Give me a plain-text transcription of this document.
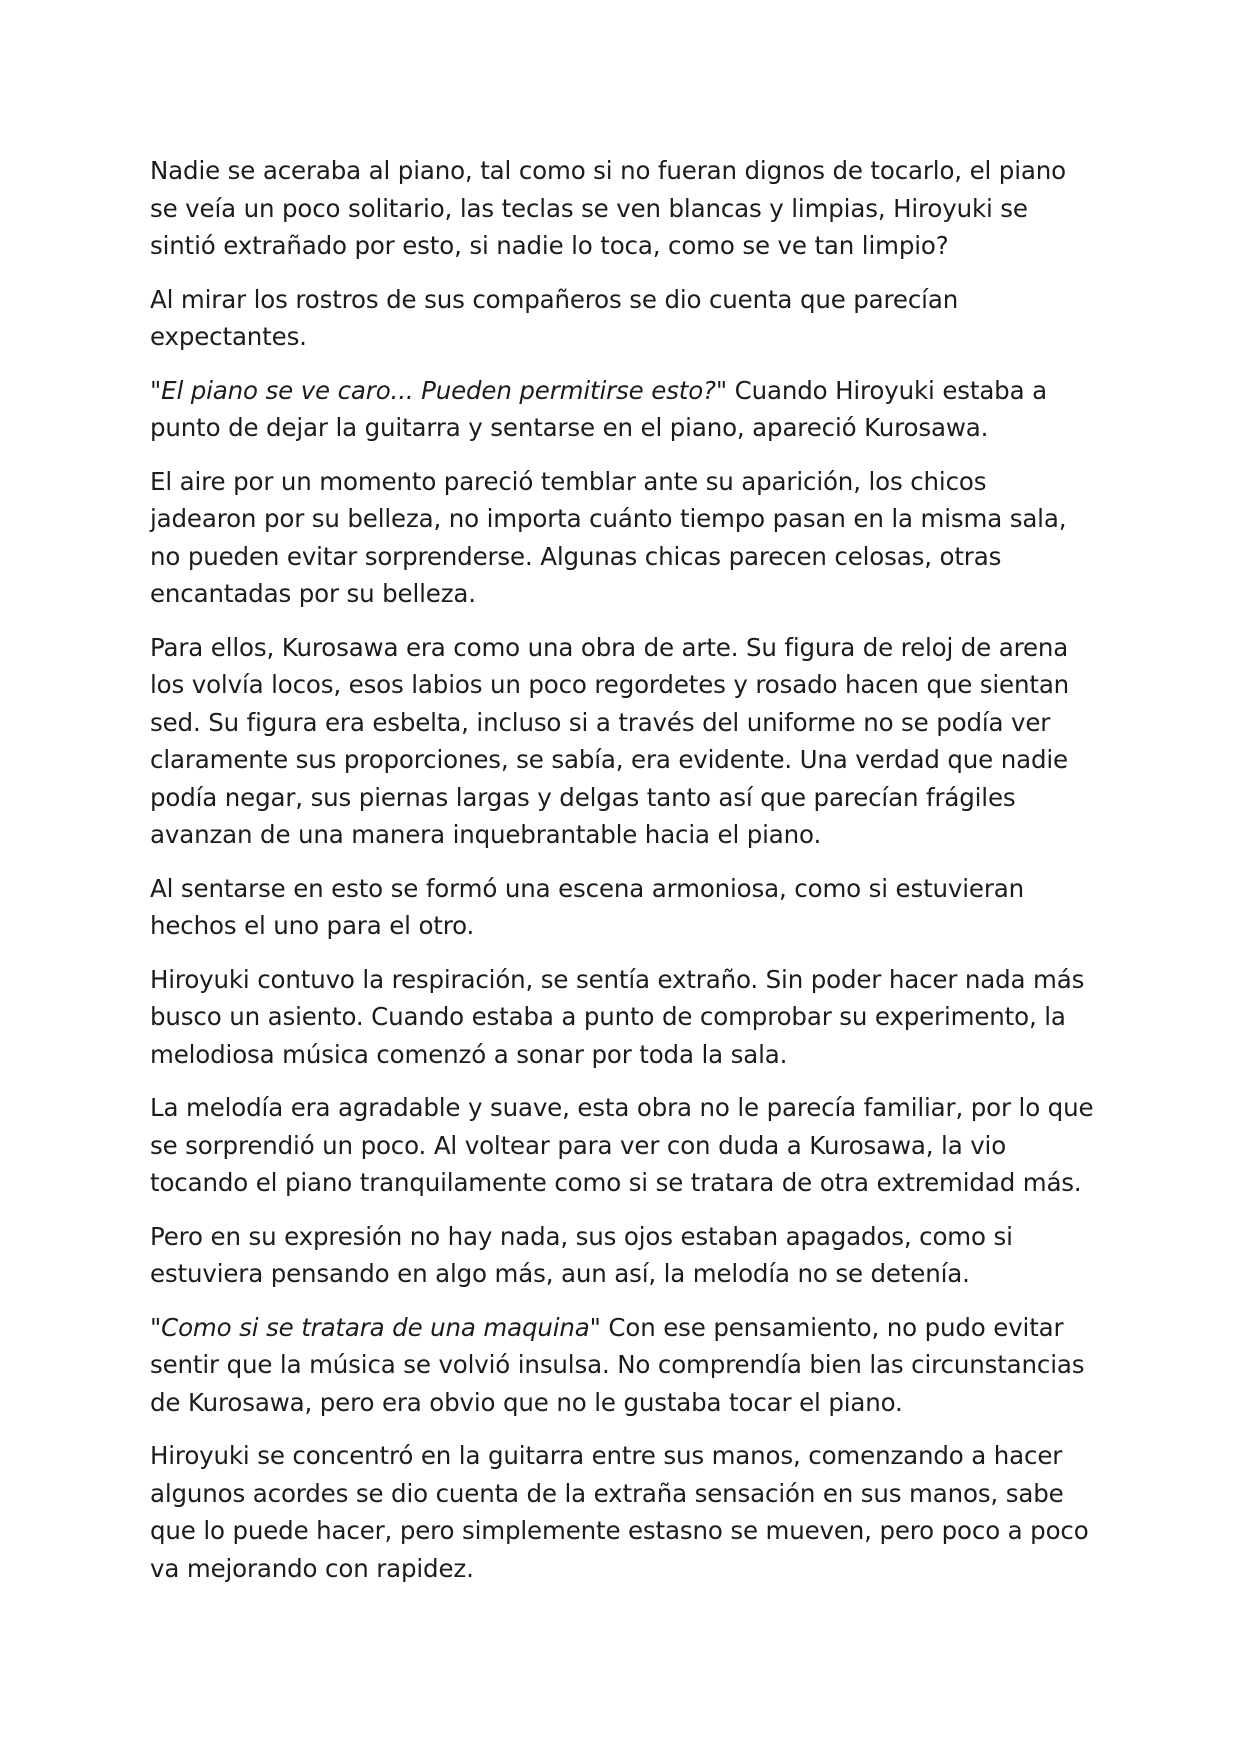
Nadie se aceraba al piano, tal como si no fueran dignos de tocarlo, el piano se veía un poco solitario, las teclas se ven blancas y limpias, Hiroyuki se sintió extrañado por esto, si nadie lo toca, como se ve tan limpio?

Al mirar los rostros de sus compañeros se dio cuenta que parecían expectantes.

"El piano se ve caro... Pueden permitirse esto?" Cuando Hiroyuki estaba a punto de dejar la guitarra y sentarse en el piano, apareció Kurosawa.

El aire por un momento pareció temblar ante su aparición, los chicos jadearon por su belleza, no importa cuánto tiempo pasan en la misma sala, no pueden evitar sorprenderse. Algunas chicas parecen celosas, otras encantadas por su belleza.

Para ellos, Kurosawa era como una obra de arte. Su figura de reloj de arena los volvía locos, esos labios un poco regordetes y rosado hacen que sientan sed. Su figura era esbelta, incluso si a través del uniforme no se podía ver claramente sus proporciones, se sabía, era evidente. Una verdad que nadie podía negar, sus piernas largas y delgas tanto así que parecían frágiles avanzan de una manera inquebrantable hacia el piano.

Al sentarse en esto se formó una escena armoniosa, como si estuvieran hechos el uno para el otro.

Hiroyuki contuvo la respiración, se sentía extraño. Sin poder hacer nada más busco un asiento. Cuando estaba a punto de comprobar su experimento, la melodiosa música comenzó a sonar por toda la sala.

La melodía era agradable y suave, esta obra no le parecía familiar, por lo que se sorprendió un poco. Al voltear para ver con duda a Kurosawa, la vio tocando el piano tranquilamente como si se tratara de otra extremidad más.

Pero en su expresión no hay nada, sus ojos estaban apagados, como si estuviera pensando en algo más, aun así, la melodía no se detenía.

"Como si se tratara de una maquina" Con ese pensamiento, no pudo evitar sentir que la música se volvió insulsa. No comprendía bien las circunstancias de Kurosawa, pero era obvio que no le gustaba tocar el piano.

Hiroyuki se concentró en la guitarra entre sus manos, comenzando a hacer algunos acordes se dio cuenta de la extraña sensación en sus manos, sabe que lo puede hacer, pero simplemente estasno se mueven, pero poco a poco va mejorando con rapidez.
